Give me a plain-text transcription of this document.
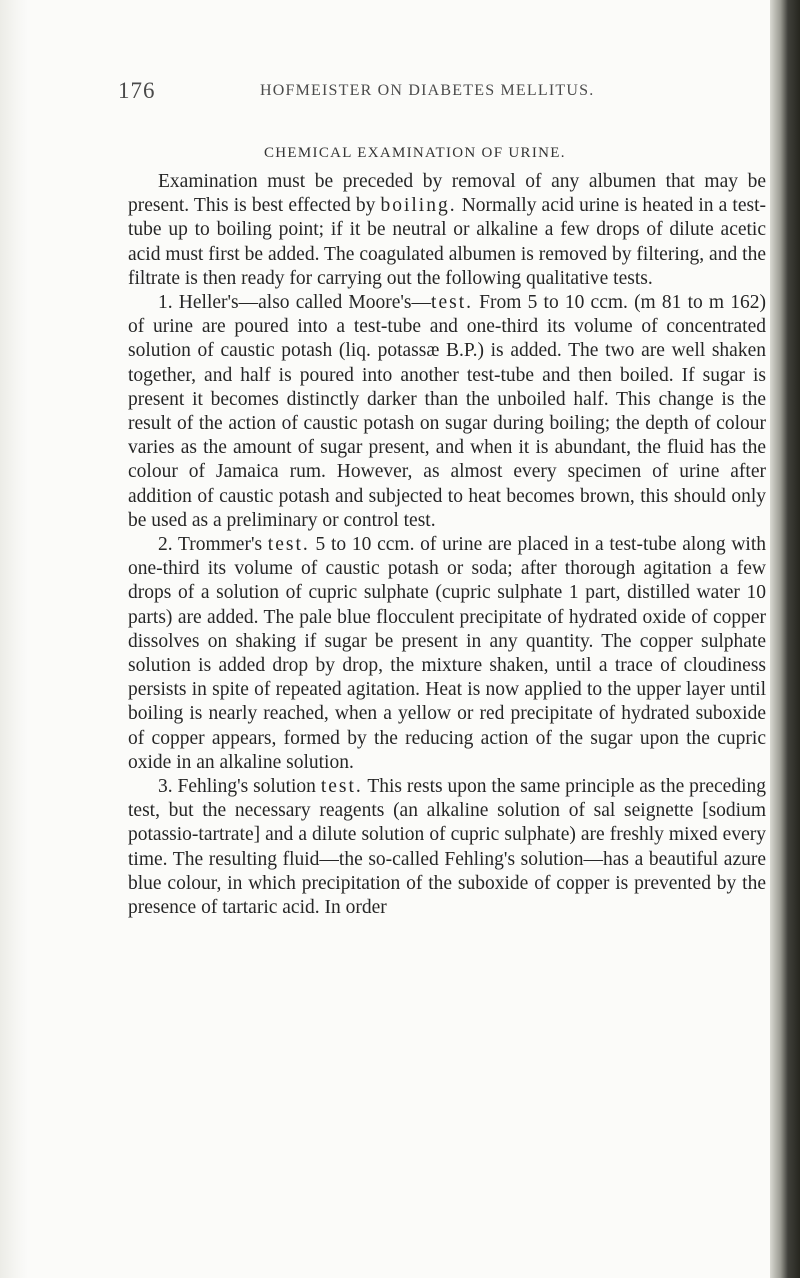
176	HOFMEISTER ON DIABETES MELLITUS.
CHEMICAL EXAMINATION OF URINE.

Examination must be preceded by removal of any albumen that may be present. This is best effected by boiling. Normally acid urine is heated in a test-tube up to boiling point; if it be neutral or alkaline a few drops of dilute acetic acid must first be added. The coagulated albumen is removed by filtering, and the filtrate is then ready for carrying out the following qualitative tests.

1. Heller's—also called Moore's—test. From 5 to 10 ccm. (m 81 to m 162) of urine are poured into a test-tube and one-third its volume of concentrated solution of caustic potash (liq. potassæ B.P.) is added. The two are well shaken together, and half is poured into another test-tube and then boiled. If sugar is present it becomes distinctly darker than the unboiled half. This change is the result of the action of caustic potash on sugar during boiling; the depth of colour varies as the amount of sugar present, and when it is abundant, the fluid has the colour of Jamaica rum. However, as almost every specimen of urine after addition of caustic potash and subjected to heat becomes brown, this should only be used as a preliminary or control test.

2. Trommer's test. 5 to 10 ccm. of urine are placed in a test-tube along with one-third its volume of caustic potash or soda; after thorough agitation a few drops of a solution of cupric sulphate (cupric sulphate 1 part, distilled water 10 parts) are added. The pale blue flocculent precipitate of hydrated oxide of copper dissolves on shaking if sugar be present in any quantity. The copper sulphate solution is added drop by drop, the mixture shaken, until a trace of cloudiness persists in spite of repeated agitation. Heat is now applied to the upper layer until boiling is nearly reached, when a yellow or red precipitate of hydrated suboxide of copper appears, formed by the reducing action of the sugar upon the cupric oxide in an alkaline solution.

3. Fehling's solution test. This rests upon the same principle as the preceding test, but the necessary reagents (an alkaline solution of sal seignette [sodium potassio-tartrate] and a dilute solution of cupric sulphate) are freshly mixed every time. The resulting fluid—the so-called Fehling's solution—has a beautiful azure blue colour, in which precipitation of the suboxide of copper is prevented by the presence of tartaric acid. In order
